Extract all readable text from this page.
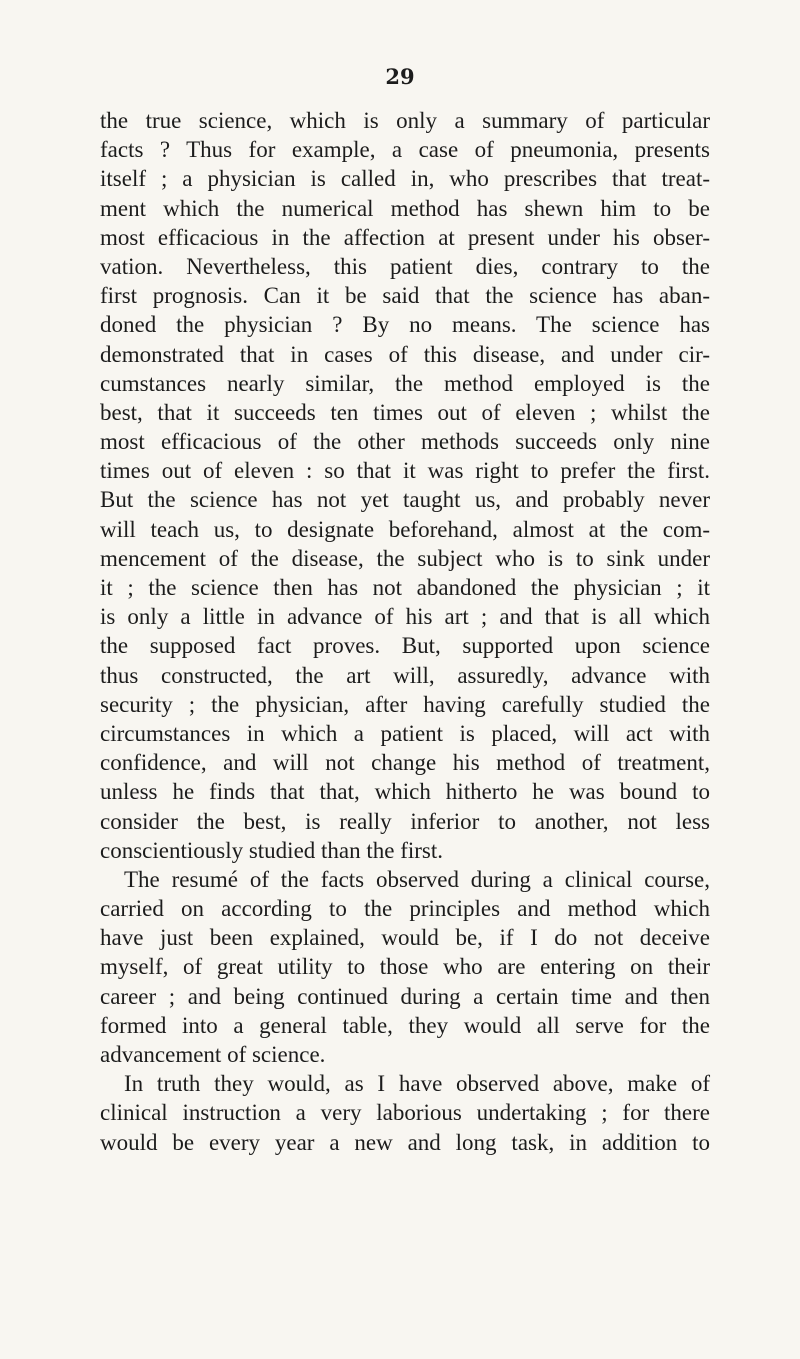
29
the true science, which is only a summary of particular
facts ? Thus for example, a case of pneumonia, presents
itself ; a physician is called in, who prescribes that treat-
ment which the numerical method has shewn him to be
most efficacious in the affection at present under his obser-
vation. Nevertheless, this patient dies, contrary to the
first prognosis. Can it be said that the science has aban-
doned the physician ? By no means. The science has
demonstrated that in cases of this disease, and under cir-
cumstances nearly similar, the method employed is the
best, that it succeeds ten times out of eleven ; whilst the
most efficacious of the other methods succeeds only nine
times out of eleven : so that it was right to prefer the first.
But the science has not yet taught us, and probably never
will teach us, to designate beforehand, almost at the com-
mencement of the disease, the subject who is to sink under
it ; the science then has not abandoned the physician ; it
is only a little in advance of his art ; and that is all which
the supposed fact proves. But, supported upon science
thus constructed, the art will, assuredly, advance with
security ; the physician, after having carefully studied the
circumstances in which a patient is placed, will act with
confidence, and will not change his method of treatment,
unless he finds that that, which hitherto he was bound to
consider the best, is really inferior to another, not less
conscientiously studied than the first.
The resumé of the facts observed during a clinical course,
carried on according to the principles and method which
have just been explained, would be, if I do not deceive
myself, of great utility to those who are entering on their
career ; and being continued during a certain time and then
formed into a general table, they would all serve for the
advancement of science.
In truth they would, as I have observed above, make of
clinical instruction a very laborious undertaking ; for there
would be every year a new and long task, in addition to
